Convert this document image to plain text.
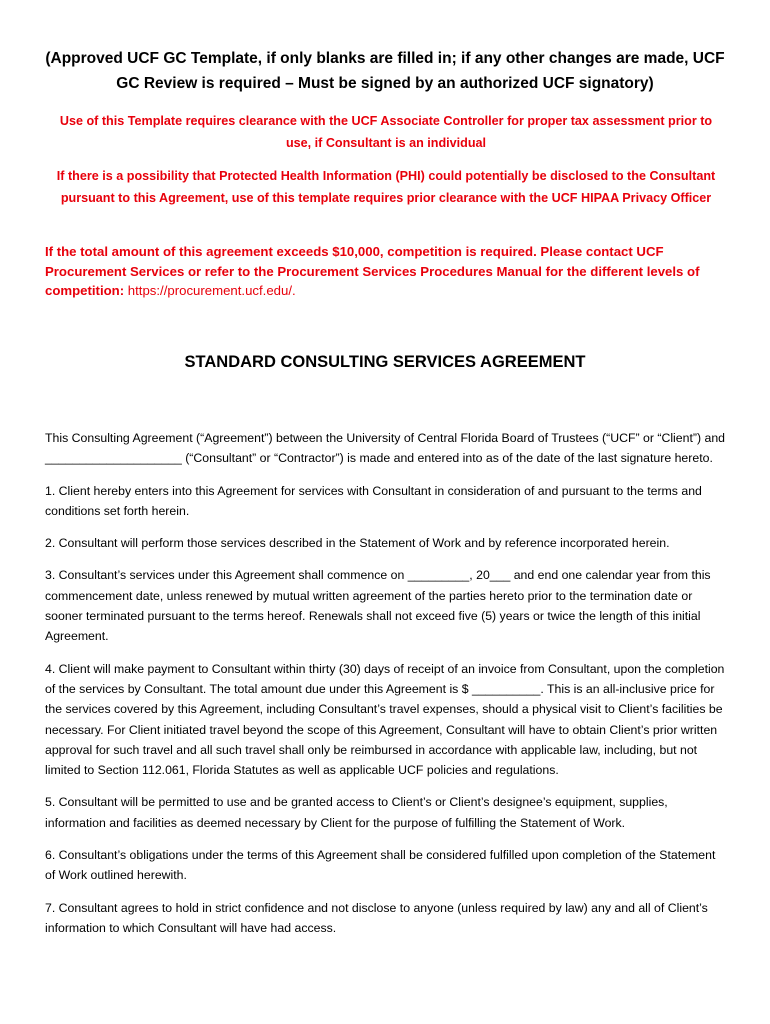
(Approved UCF GC Template, if only blanks are filled in; if any other changes are made, UCF GC Review is required – Must be signed by an authorized UCF signatory)
Use of this Template requires clearance with the UCF Associate Controller for proper tax assessment prior to use, if Consultant is an individual
If there is a possibility that Protected Health Information (PHI) could potentially be disclosed to the Consultant pursuant to this Agreement, use of this template requires prior clearance with the UCF HIPAA Privacy Officer
If the total amount of this agreement exceeds $10,000, competition is required. Please contact UCF Procurement Services or refer to the Procurement Services Procedures Manual for the different levels of competition: https://procurement.ucf.edu/.
STANDARD CONSULTING SERVICES AGREEMENT

This Consulting Agreement (“Agreement”) between the University of Central Florida Board of Trustees (“UCF” or “Client”) and ____________________ (“Consultant” or “Contractor”) is made and entered into as of the date of the last signature hereto.

1. Client hereby enters into this Agreement for services with Consultant in consideration of and pursuant to the terms and conditions set forth herein.

2. Consultant will perform those services described in the Statement of Work and by reference incorporated herein.

3. Consultant’s services under this Agreement shall commence on _________, 20___ and end one calendar year from this commencement date, unless renewed by mutual written agreement of the parties hereto prior to the termination date or sooner terminated pursuant to the terms hereof. Renewals shall not exceed five (5) years or twice the length of this initial Agreement.

4. Client will make payment to Consultant within thirty (30) days of receipt of an invoice from Consultant, upon the completion of the services by Consultant. The total amount due under this Agreement is $ __________. This is an all-inclusive price for the services covered by this Agreement, including Consultant’s travel expenses, should a physical visit to Client’s facilities be necessary. For Client initiated travel beyond the scope of this Agreement, Consultant will have to obtain Client’s prior written approval for such travel and all such travel shall only be reimbursed in accordance with applicable law, including, but not limited to Section 112.061, Florida Statutes as well as applicable UCF policies and regulations.

5. Consultant will be permitted to use and be granted access to Client’s or Client’s designee’s equipment, supplies, information and facilities as deemed necessary by Client for the purpose of fulfilling the Statement of Work.

6. Consultant’s obligations under the terms of this Agreement shall be considered fulfilled upon completion of the Statement of Work outlined herewith.

7. Consultant agrees to hold in strict confidence and not disclose to anyone (unless required by law) any and all of Client’s information to which Consultant will have had access.
